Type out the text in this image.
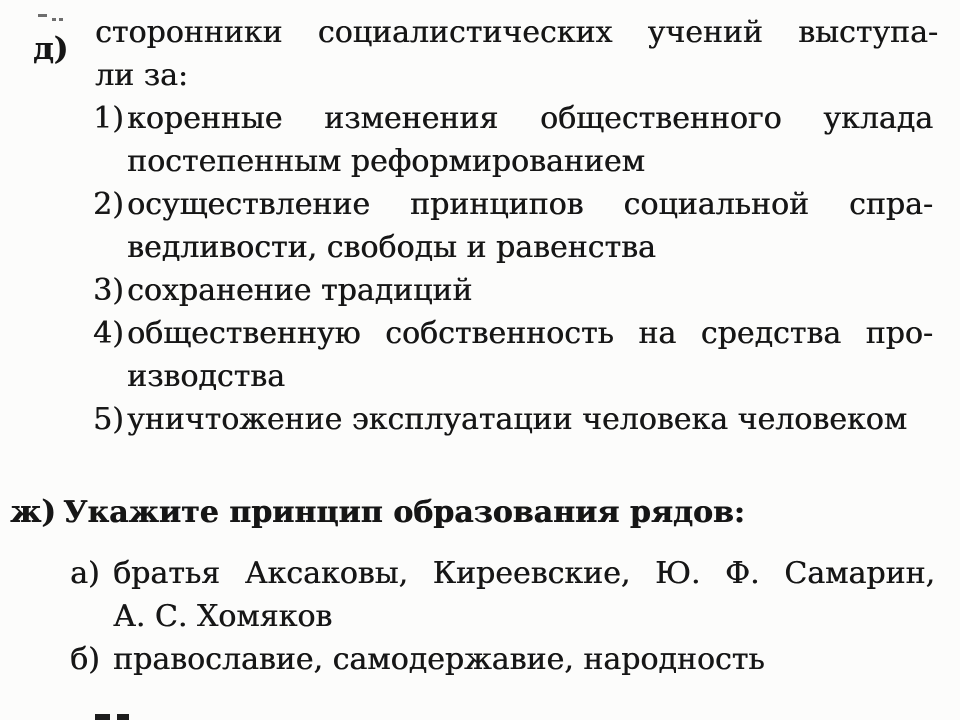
д) сторонники социалистических учений выступа-
ли за:
1) коренные изменения общественного уклада
постепенным реформированием
2) осуществление принципов социальной спра-
ведливости, свободы и равенства
3) сохранение традиций
4) общественную собственность на средства про-
изводства
5) уничтожение эксплуатации человека человеком
ж) Укажите принцип образования рядов:
а) братья Аксаковы, Киреевские, Ю. Ф. Самарин,
А. С. Хомяков
б) православие, самодержавие, народность
